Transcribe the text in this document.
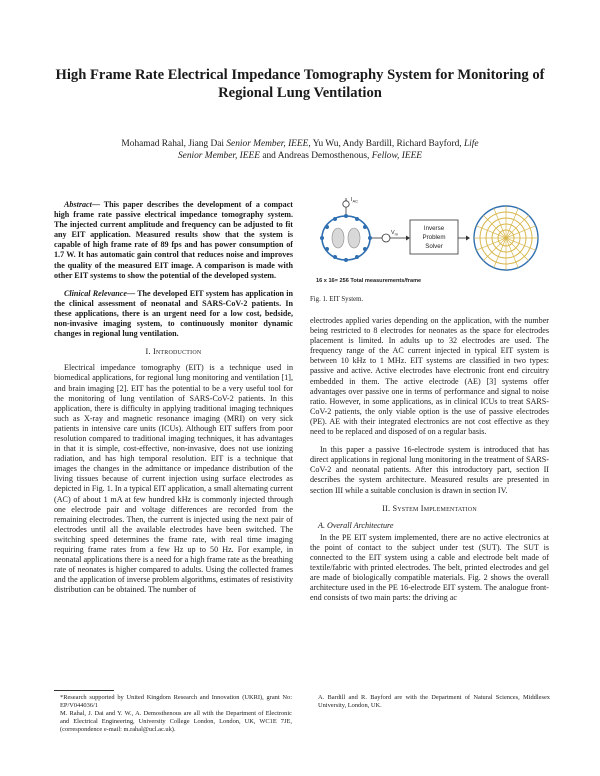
High Frame Rate Electrical Impedance Tomography System for Monitoring of Regional Lung Ventilation
Mohamad Rahal, Jiang Dai Senior Member, IEEE, Yu Wu, Andy Bardill, Richard Bayford, Life
Senior Member, IEEE and Andreas Demosthenous, Fellow, IEEE

Abstract— This paper describes the development of a compact high frame rate passive electrical impedance tomography system. The injected current amplitude and frequency can be adjusted to fit any EIT application. Measured results show that the system is capable of high frame rate of 89 fps and has power consumption of 1.7 W. It has automatic gain control that reduces noise and improves the quality of the measured EIT image. A comparison is made with other EIT systems to show the potential of the developed system.

Clinical Relevance— The developed EIT system has application in the clinical assessment of neonatal and SARS-CoV-2 patients. In these applications, there is an urgent need for a low cost, bedside, non-invasive imaging system, to continuously monitor dynamic changes in regional lung ventilation.

I. Introduction

Electrical impedance tomography (EIT) is a technique used in biomedical applications, for regional lung monitoring and ventilation [1], and brain imaging [2]. EIT has the potential to be a very useful tool for the monitoring of lung ventilation of SARS-CoV-2 patients. In this application, there is difficulty in applying traditional imaging techniques such as X-ray and magnetic resonance imaging (MRI) on very sick patients in intensive care units (ICUs). Although EIT suffers from poor resolution compared to traditional imaging techniques, it has advantages in that it is simple, cost-effective, non-invasive, does not use ionizing radiation, and has high temporal resolution. EIT is a technique that images the changes in the admittance or impedance distribution of the living tissues because of current injection using surface electrodes as depicted in Fig. 1. In a typical EIT application, a small alternating current (AC) of about 1 mA at few hundred kHz is commonly injected through one electrode pair and voltage differences are recorded from the remaining electrodes. Then, the current is injected using the next pair of electrodes until all the available electrodes have been switched. The switching speed determines the frame rate, with real time imaging requiring frame rates from a few Hz up to 50 Hz. For example, in neonatal applications there is a need for a high frame rate as the breathing rate of neonates is higher compared to adults. Using the collected frames and the application of inverse problem algorithms, estimates of resistivity distribution can be obtained. The number of

$I_{AC}$
$V_m$
Inverse
Problem
Solver
16 x 16= 256 Total measurements/frame
Fig. 1. EIT System.

electrodes applied varies depending on the application, with the number being restricted to 8 electrodes for neonates as the space for electrodes placement is limited. In adults up to 32 electrodes are used. The frequency range of the AC current injected in typical EIT system is between 10 kHz to 1 MHz. EIT systems are classified in two types: passive and active. Active electrodes have electronic front end circuitry embedded in them. The active electrode (AE) [3] systems offer advantages over passive one in terms of performance and signal to noise ratio. However, in some applications, as in clinical ICUs to treat SARS-CoV-2 patients, the only viable option is the use of passive electrodes (PE). AE with their integrated electronics are not cost effective as they need to be replaced and disposed of on a regular basis.

In this paper a passive 16-electrode system is introduced that has direct applications in regional lung monitoring in the treatment of SARS-CoV-2 and neonatal patients. After this introductory part, section II describes the system architecture. Measured results are presented in section III while a suitable conclusion is drawn in section IV.

II. System Implementation
A. Overall Architecture

In the PE EIT system implemented, there are no active electronics at the point of contact to the subject under test (SUT). The SUT is connected to the EIT system using a cable and electrode belt made of textile/fabric with printed electrodes. The belt, printed electrodes and gel are made of biologically compatible materials. Fig. 2 shows the overall architecture used in the PE 16-electrode EIT system. The analogue front-end consists of two main parts: the driving ac

*Research supported by United Kingdom Research and Innovation (UKRI), grant No: EP/V044036/1

M. Rahal, J. Dai and Y. W., A. Demosthenous are all with the Department of Electronic and Electrical Engineering, University College London, London, UK, WC1E 7JE, (correspondence e-mail: m.rahal@ucl.ac.uk).

A. Bardill and R. Bayford are with the Department of Natural Sciences, Middlesex University, London, UK.
